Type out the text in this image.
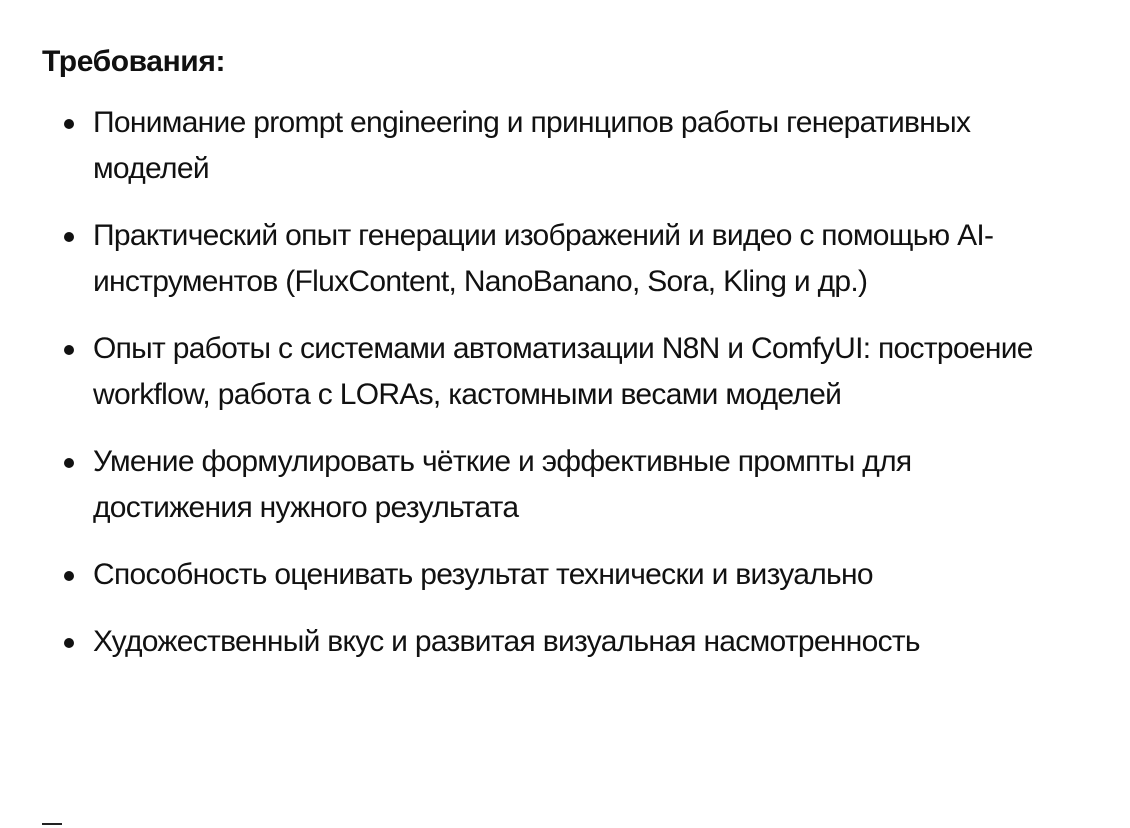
Требования:
Понимание prompt engineering и принципов работы генеративных моделей
Практический опыт генерации изображений и видео с помощью AI-инструментов (FluxContent, NanoBanano, Sora, Kling и др.)
Опыт работы с системами автоматизации N8N и ComfyUI: построение workflow, работа с LORAs, кастомными весами моделей
Умение формулировать чёткие и эффективные промпты для достижения нужного результата
Способность оценивать результат технически и визуально
Художественный вкус и развитая визуальная насмотренность
